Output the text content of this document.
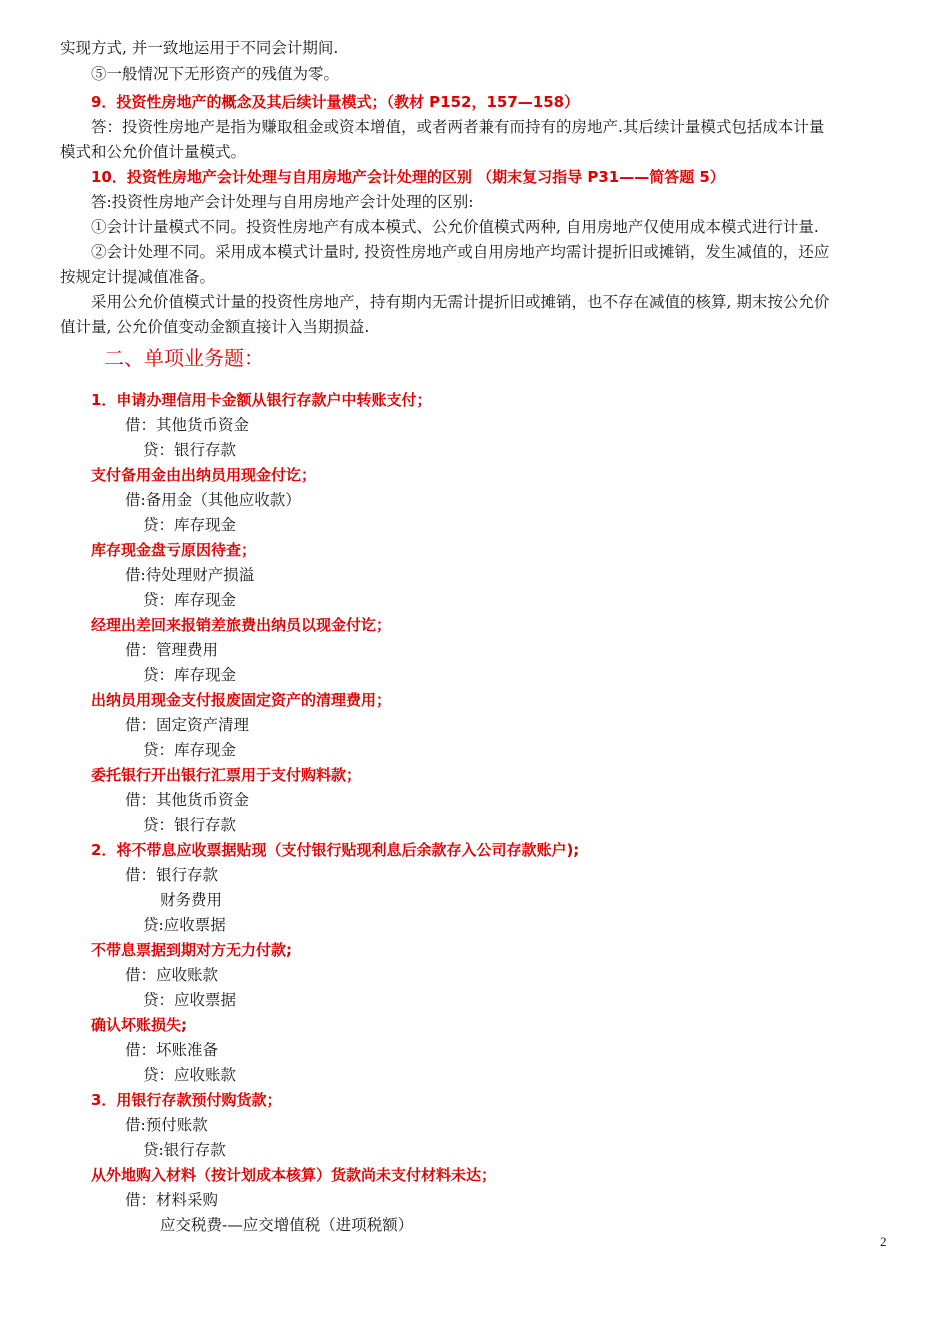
实现方式, 并一致地运用于不同会计期间.
⑤一般情况下无形资产的残值为零。
9．投资性房地产的概念及其后续计量模式；（教材 P152，157—158）
答：投资性房地产是指为赚取租金或资本增值，或者两者兼有而持有的房地产.其后续计量模式包括成本计量
模式和公允价值计量模式。
10．投资性房地产会计处理与自用房地产会计处理的区别 （期末复习指导 P31——简答题 5）
答:投资性房地产会计处理与自用房地产会计处理的区别:
①会计计量模式不同。投资性房地产有成本模式、公允价值模式两种, 自用房地产仅使用成本模式进行计量.
②会计处理不同。采用成本模式计量时, 投资性房地产或自用房地产均需计提折旧或摊销，发生减值的，还应
按规定计提减值准备。
采用公允价值模式计量的投资性房地产，持有期内无需计提折旧或摊销，也不存在减值的核算, 期末按公允价
值计量, 公允价值变动金额直接计入当期损益.
二、单项业务题：
1．申请办理信用卡金额从银行存款户中转账支付；
借：其他货币资金
贷：银行存款
支付备用金由出纳员用现金付讫；
借:备用金（其他应收款）
贷：库存现金
库存现金盘亏原因待查；
借:待处理财产损溢
贷：库存现金
经理出差回来报销差旅费出纳员以现金付讫；
借：管理费用
贷：库存现金
出纳员用现金支付报废固定资产的清理费用；
借：固定资产清理
贷：库存现金
委托银行开出银行汇票用于支付购料款；
借：其他货币资金
贷：银行存款
2．将不带息应收票据贴现（支付银行贴现利息后余款存入公司存款账户);
借：银行存款
财务费用
贷:应收票据
不带息票据到期对方无力付款;
借：应收账款
贷：应收票据
确认坏账损失;
借：坏账准备
贷：应收账款
3．用银行存款预付购货款；
借:预付账款
贷:银行存款
从外地购入材料（按计划成本核算）货款尚未支付材料未达；
借：材料采购
应交税费-—应交增值税（进项税额）
2
